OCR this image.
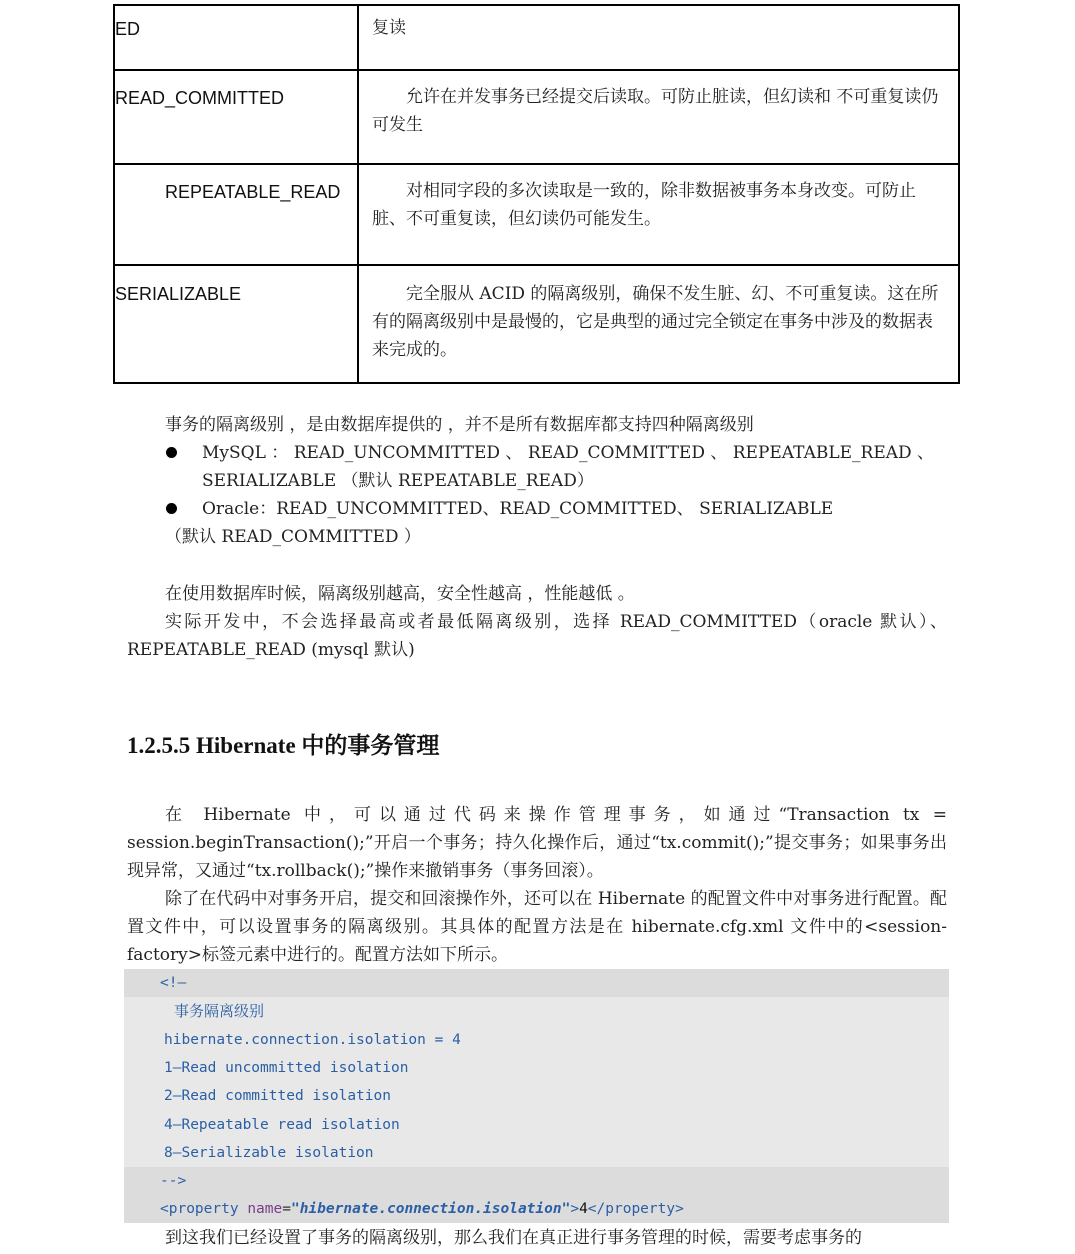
ED	复读

READ_COMMITTED	允许在并发事务已经提交后读取。可防止脏读，但幻读和 不可重复读仍可发生

REPEATABLE_READ	对相同字段的多次读取是一致的，除非数据被事务本身改变。可防止脏、不可重复读，但幻读仍可能发生。

SERIALIZABLE	完全服从 ACID 的隔离级别，确保不发生脏、幻、不可重复读。这在所有的隔离级别中是最慢的，它是典型的通过完全锁定在事务中涉及的数据表来完成的。
事务的隔离级别 ，是由数据库提供的 ，并不是所有数据库都支持四种隔离级别
MySQL ： READ_UNCOMMITTED 、 READ_COMMITTED 、 REPEATABLE_READ 、
SERIALIZABLE （默认 REPEATABLE_READ）
Oracle：READ_UNCOMMITTED、READ_COMMITTED、 SERIALIZABLE
（默认 READ_COMMITTED ）
在使用数据库时候，隔离级别越高，安全性越高 ，性能越低 。
实际开发中，不会选择最高或者最低隔离级别，选择 READ_COMMITTED（oracle 默认）、REPEATABLE_READ (mysql 默认)
1.2.5.5 Hibernate 中的事务管理
在 Hibernate 中，可以通过代码来操作管理事务，如通过“Transaction tx = session.beginTransaction();”开启一个事务；持久化操作后，通过“tx.commit();”提交事务；如果事务出现异常，又通过“tx.rollback();”操作来撤销事务（事务回滚）。
除了在代码中对事务开启，提交和回滚操作外，还可以在 Hibernate 的配置文件中对事务进行配置。配置文件中，可以设置事务的隔离级别。其具体的配置方法是在 hibernate.cfg.xml 文件中的<session-factory>标签元素中进行的。配置方法如下所示。
<!—
事务隔离级别
hibernate.connection.isolation = 4
1—Read uncommitted isolation
2—Read committed isolation
4—Repeatable read isolation
8—Serializable isolation
-->
<property name="hibernate.connection.isolation">4</property>
到这我们已经设置了事务的隔离级别，那么我们在真正进行事务管理的时候，需要考虑事务的
